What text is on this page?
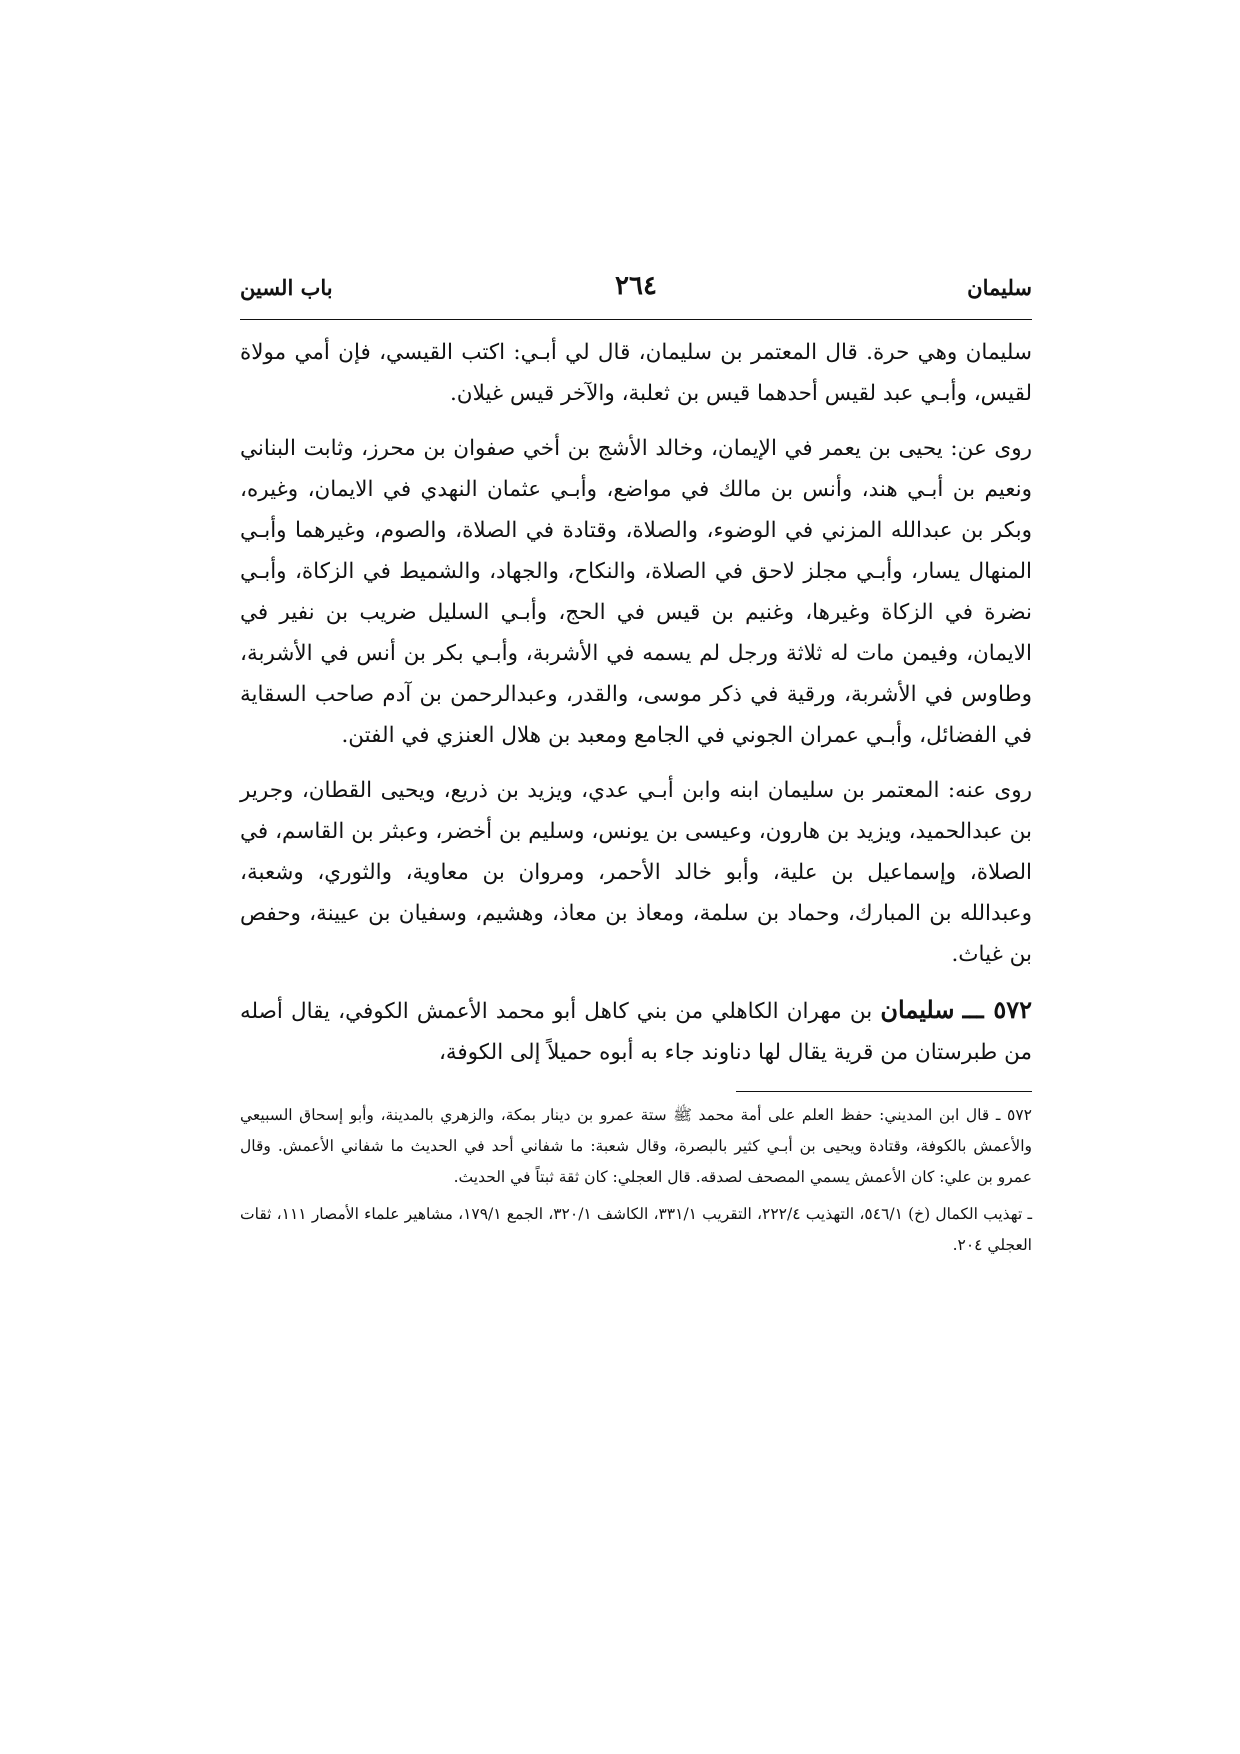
سليمان
٢٦٤
باب السين

سليمان وهي حرة. قال المعتمر بن سليمان، قال لي أبـي: اكتب القيسي، فإن أمي مولاة لقيس، وأبـي عبد لقيس أحدهما قيس بن ثعلبة، والآخر قيس غيلان.

روى عن: يحيى بن يعمر في الإيمان، وخالد الأشج بن أخي صفوان بن محرز، وثابت البناني ونعيم بن أبـي هند، وأنس بن مالك في مواضع، وأبـي عثمان النهدي في الايمان، وغيره، وبكر بن عبدالله المزني في الوضوء، والصلاة، وقتادة في الصلاة، والصوم، وغيرهما وأبـي المنهال يسار، وأبـي مجلز لاحق في الصلاة، والنكاح، والجهاد، والشميط في الزكاة، وأبـي نضرة في الزكاة وغيرها، وغنيم بن قيس في الحج، وأبـي السليل ضريب بن نفير في الايمان، وفيمن مات له ثلاثة ورجل لم يسمه في الأشربة، وأبـي بكر بن أنس في الأشربة، وطاوس في الأشربة، ورقية في ذكر موسى، والقدر، وعبدالرحمن بن آدم صاحب السقاية في الفضائل، وأبـي عمران الجوني في الجامع ومعبد بن هلال العنزي في الفتن.

روى عنه: المعتمر بن سليمان ابنه وابن أبـي عدي، ويزيد بن ذريع، ويحيى القطان، وجرير بن عبدالحميد، ويزيد بن هارون، وعيسى بن يونس، وسليم بن أخضر، وعبثر بن القاسم، في الصلاة، وإسماعيل بن علية، وأبو خالد الأحمر، ومروان بن معاوية، والثوري، وشعبة، وعبدالله بن المبارك، وحماد بن سلمة، ومعاذ بن معاذ، وهشيم، وسفيان بن عيينة، وحفص بن غياث.

٥٧٢ ـــ سليمان بن مهران الكاهلي من بني كاهل أبو محمد الأعمش الكوفي، يقال أصله من طبرستان من قرية يقال لها دناوند جاء به أبوه حميلاً إلى الكوفة،

٥٧٢ ـ قال ابن المديني: حفظ العلم على أمة محمد ﷺ ستة عمرو بن دينار بمكة، والزهري بالمدينة، وأبو إسحاق السبيعي والأعمش بالكوفة، وقتادة ويحيى بن أبـي كثير بالبصرة، وقال شعبة: ما شفاني أحد في الحديث ما شفاني الأعمش. وقال عمرو بن علي: كان الأعمش يسمي المصحف لصدقه. قال العجلي: كان ثقة ثبتاً في الحديث.

ـ تهذيب الكمال (خ) ٥٤٦/١، التهذيب ٢٢٢/٤، التقريب ٣٣١/١، الكاشف ٣٢٠/١، الجمع ١٧٩/١، مشاهير علماء الأمصار ١١١، ثقات العجلي ٢٠٤.
